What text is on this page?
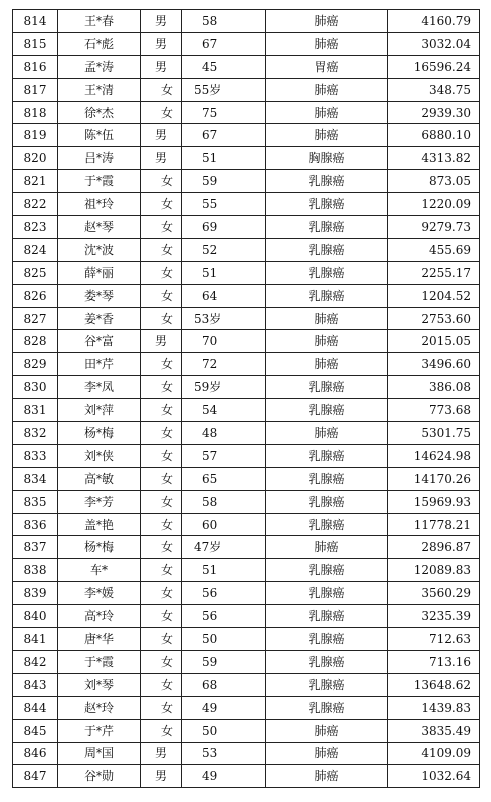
814	王*春	男	58	肺癌	4160.79
815	石*彪	男	67	肺癌	3032.04
816	孟*涛	男	45	胃癌	16596.24
817	王*清	女	55岁	肺癌	348.75
818	徐*杰	女	75	肺癌	2939.30
819	陈*伍	男	67	肺癌	6880.10
820	吕*涛	男	51	胸腺癌	4313.82
821	于*霞	女	59	乳腺癌	873.05
822	祖*玲	女	55	乳腺癌	1220.09
823	赵*琴	女	69	乳腺癌	9279.73
824	沈*波	女	52	乳腺癌	455.69
825	薛*丽	女	51	乳腺癌	2255.17
826	娄*琴	女	64	乳腺癌	1204.52
827	姜*香	女	53岁	肺癌	2753.60
828	谷*富	男	70	肺癌	2015.05
829	田*芹	女	72	肺癌	3496.60
830	李*凤	女	59岁	乳腺癌	386.08
831	刘*萍	女	54	乳腺癌	773.68
832	杨*梅	女	48	肺癌	5301.75
833	刘*侠	女	57	乳腺癌	14624.98
834	高*敏	女	65	乳腺癌	14170.26
835	李*芳	女	58	乳腺癌	15969.93
836	盖*艳	女	60	乳腺癌	11778.21
837	杨*梅	女	47岁	肺癌	2896.87
838	车*	女	51	乳腺癌	12089.83
839	李*媛	女	56	乳腺癌	3560.29
840	高*玲	女	56	乳腺癌	3235.39
841	唐*华	女	50	乳腺癌	712.63
842	于*霞	女	59	乳腺癌	713.16
843	刘*琴	女	68	乳腺癌	13648.62
844	赵*玲	女	49	乳腺癌	1439.83
845	于*芹	女	50	肺癌	3835.49
846	周*国	男	53	肺癌	4109.09
847	谷*勋	男	49	肺癌	1032.64
